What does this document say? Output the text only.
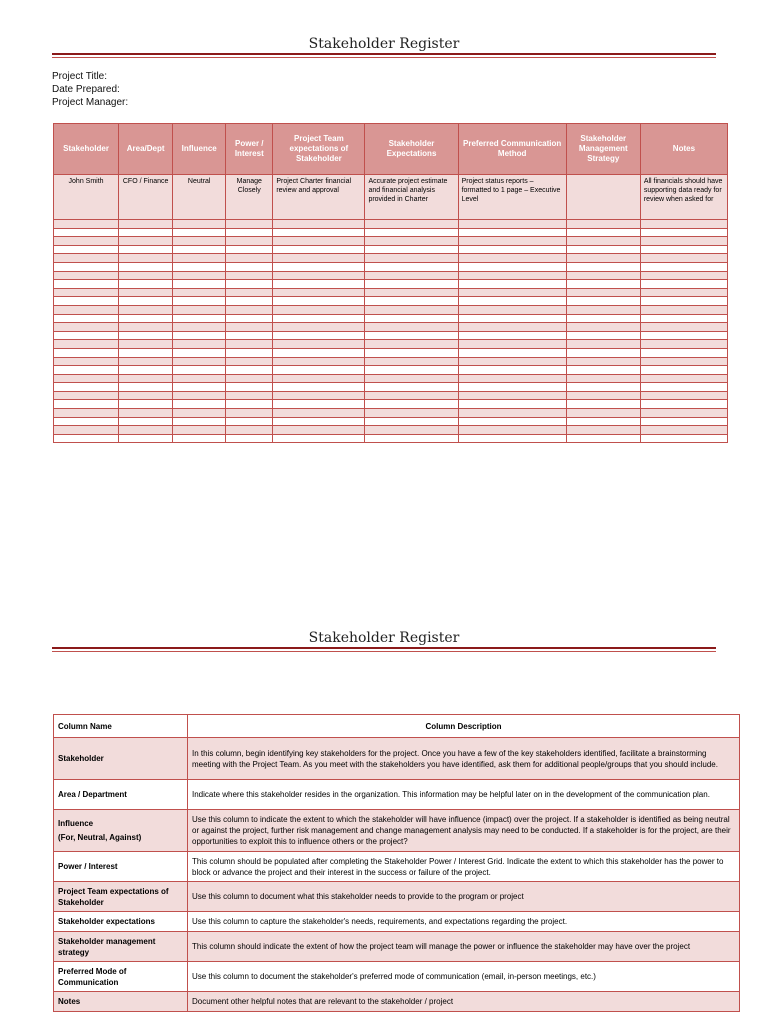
Stakeholder Register
Project Title:
Date Prepared:
Project Manager:
Stakeholder	Area/Dept	Influence	Power / Interest	Project Team expectations of Stakeholder	Stakeholder Expectations	Preferred Communication Method	Stakeholder Management Strategy	Notes
John Smith	CFO / Finance	Neutral	Manage Closely	Project Charter financial review and approval	Accurate project estimate and financial analysis provided in Charter	Project status reports – formatted to 1 page – Executive Level		All financials should have supporting data ready for review when asked for

Stakeholder Register
Column Name	Column Description
Stakeholder	In this column, begin identifying key stakeholders for the project. Once you have a few of the key stakeholders identified, facilitate a brainstorming meeting with the Project Team. As you meet with the stakeholders you have identified, ask them for additional people/groups that you should include.
Area / Department	Indicate where this stakeholder resides in the organization. This information may be helpful later on in the development of the communication plan.

Influence
(For, Neutral, Against)	Use this column to indicate the extent to which the stakeholder will have influence (impact) over the project. If a stakeholder is identified as being neutral or against the project, further risk management and change management analysis may need to be conducted. If a stakeholder is for the project, are their opportunities to exploit this to influence others or the project?
Power / Interest	This column should be populated after completing the Stakeholder Power / Interest Grid. Indicate the extent to which this stakeholder has the power to block or advance the project and their interest in the success or failure of the project.
Project Team expectations of Stakeholder	Use this column to document what this stakeholder needs to provide to the program or project
Stakeholder expectations	Use this column to capture the stakeholder's needs, requirements, and expectations regarding the project.
Stakeholder management strategy	This column should indicate the extent of how the project team will manage the power or influence the stakeholder may have over the project
Preferred Mode of Communication	Use this column to document the stakeholder's preferred mode of communication (email, in-person meetings, etc.)
Notes	Document other helpful notes that are relevant to the stakeholder / project
